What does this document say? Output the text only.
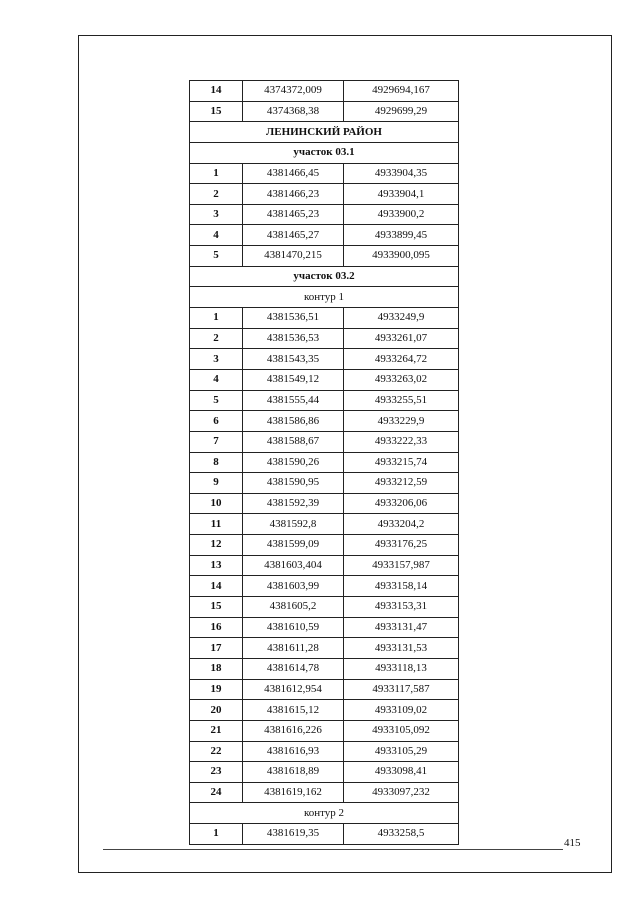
14	4374372,009	4929694,167
15	4374368,38	4929699,29
ЛЕНИНСКИЙ РАЙОН		
участок 03.1		
1	4381466,45	4933904,35
2	4381466,23	4933904,1
3	4381465,23	4933900,2
4	4381465,27	4933899,45
5	4381470,215	4933900,095
участок 03.2		
контур 1		
1	4381536,51	4933249,9
2	4381536,53	4933261,07
3	4381543,35	4933264,72
4	4381549,12	4933263,02
5	4381555,44	4933255,51
6	4381586,86	4933229,9
7	4381588,67	4933222,33
8	4381590,26	4933215,74
9	4381590,95	4933212,59
10	4381592,39	4933206,06
11	4381592,8	4933204,2
12	4381599,09	4933176,25
13	4381603,404	4933157,987
14	4381603,99	4933158,14
15	4381605,2	4933153,31
16	4381610,59	4933131,47
17	4381611,28	4933131,53
18	4381614,78	4933118,13
19	4381612,954	4933117,587
20	4381615,12	4933109,02
21	4381616,226	4933105,092
22	4381616,93	4933105,29
23	4381618,89	4933098,41
24	4381619,162	4933097,232
контур 2		
1	4381619,35	4933258,5
415
